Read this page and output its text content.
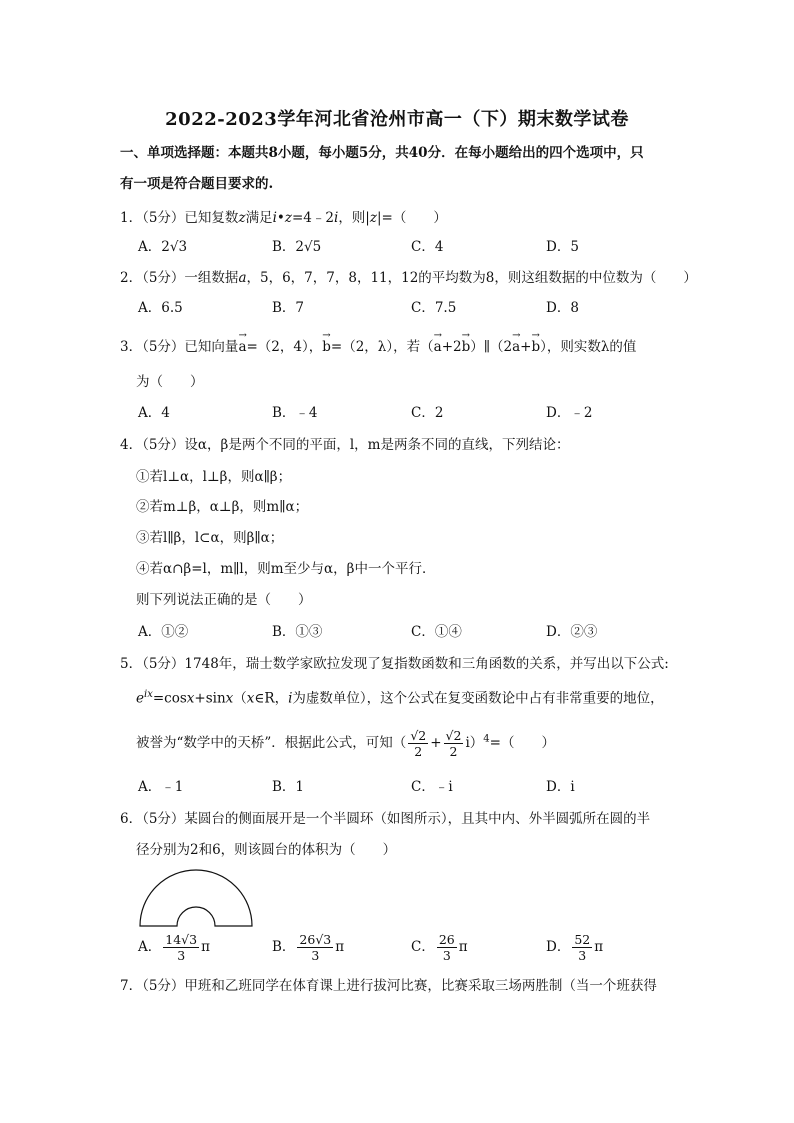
2022-2023学年河北省沧州市高一（下）期末数学试卷
一、单项选择题：本题共8小题，每小题5分，共40分．在每小题给出的四个选项中，只
有一项是符合题目要求的.
1．（5分）已知复数z满足i•z=4﹣2i，则|z|=（　　）
A．2√3	B．2√5	C．4	D．5
2．（5分）一组数据a，5，6，7，7，8，11，12的平均数为8，则这组数据的中位数为（　　）
A．6.5	B．7	C．7.5	D．8
3．（5分）已知向量→ a=（2，4），→ b=（2，λ），若（→ a+2→ b）∥（2→ a+→ b），则实数λ的值
为（　　）
A．4	B．﹣4	C．2	D．﹣2
4．（5分）设α，β是两个不同的平面，l，m是两条不同的直线，下列结论：
①若l⊥α，l⊥β，则α∥β；
②若m⊥β，α⊥β，则m∥α；
③若l∥β，l⊂α，则β∥α；
④若α∩β=l，m∥l，则m至少与α，β中一个平行．
则下列说法正确的是（　　）
A．①②	B．①③	C．①④	D．②③
5．（5分）1748年，瑞士数学家欧拉发现了复指数函数和三角函数的关系，并写出以下公式:
$e^{ix}=\cos x+\sin x(x\in R$，i为虚数单位），这个公式在复变函数论中占有非常重要的地位，
被誉为“数学中的天桥”．根据此公式，可知（ $\frac{√2}{2} + \frac{√2}{2} i)^4=$（　　）
A．﹣1	B．1	C．﹣i	D．i
6．（5分）某圆台的侧面展开是一个半圆环（如图所示），且其中内、外半圆弧所在圆的半
径分别为2和6，则该圆台的体积为（　　）
A． $\frac{14√3}{3}$ π	B． $\frac{26√3}{3}$ π	C． $\frac{26}{3}$ π	D． $\frac{52}{3}$ π
7．（5分）甲班和乙班同学在体育课上进行拔河比赛，比赛采取三场两胜制（当一个班获得
